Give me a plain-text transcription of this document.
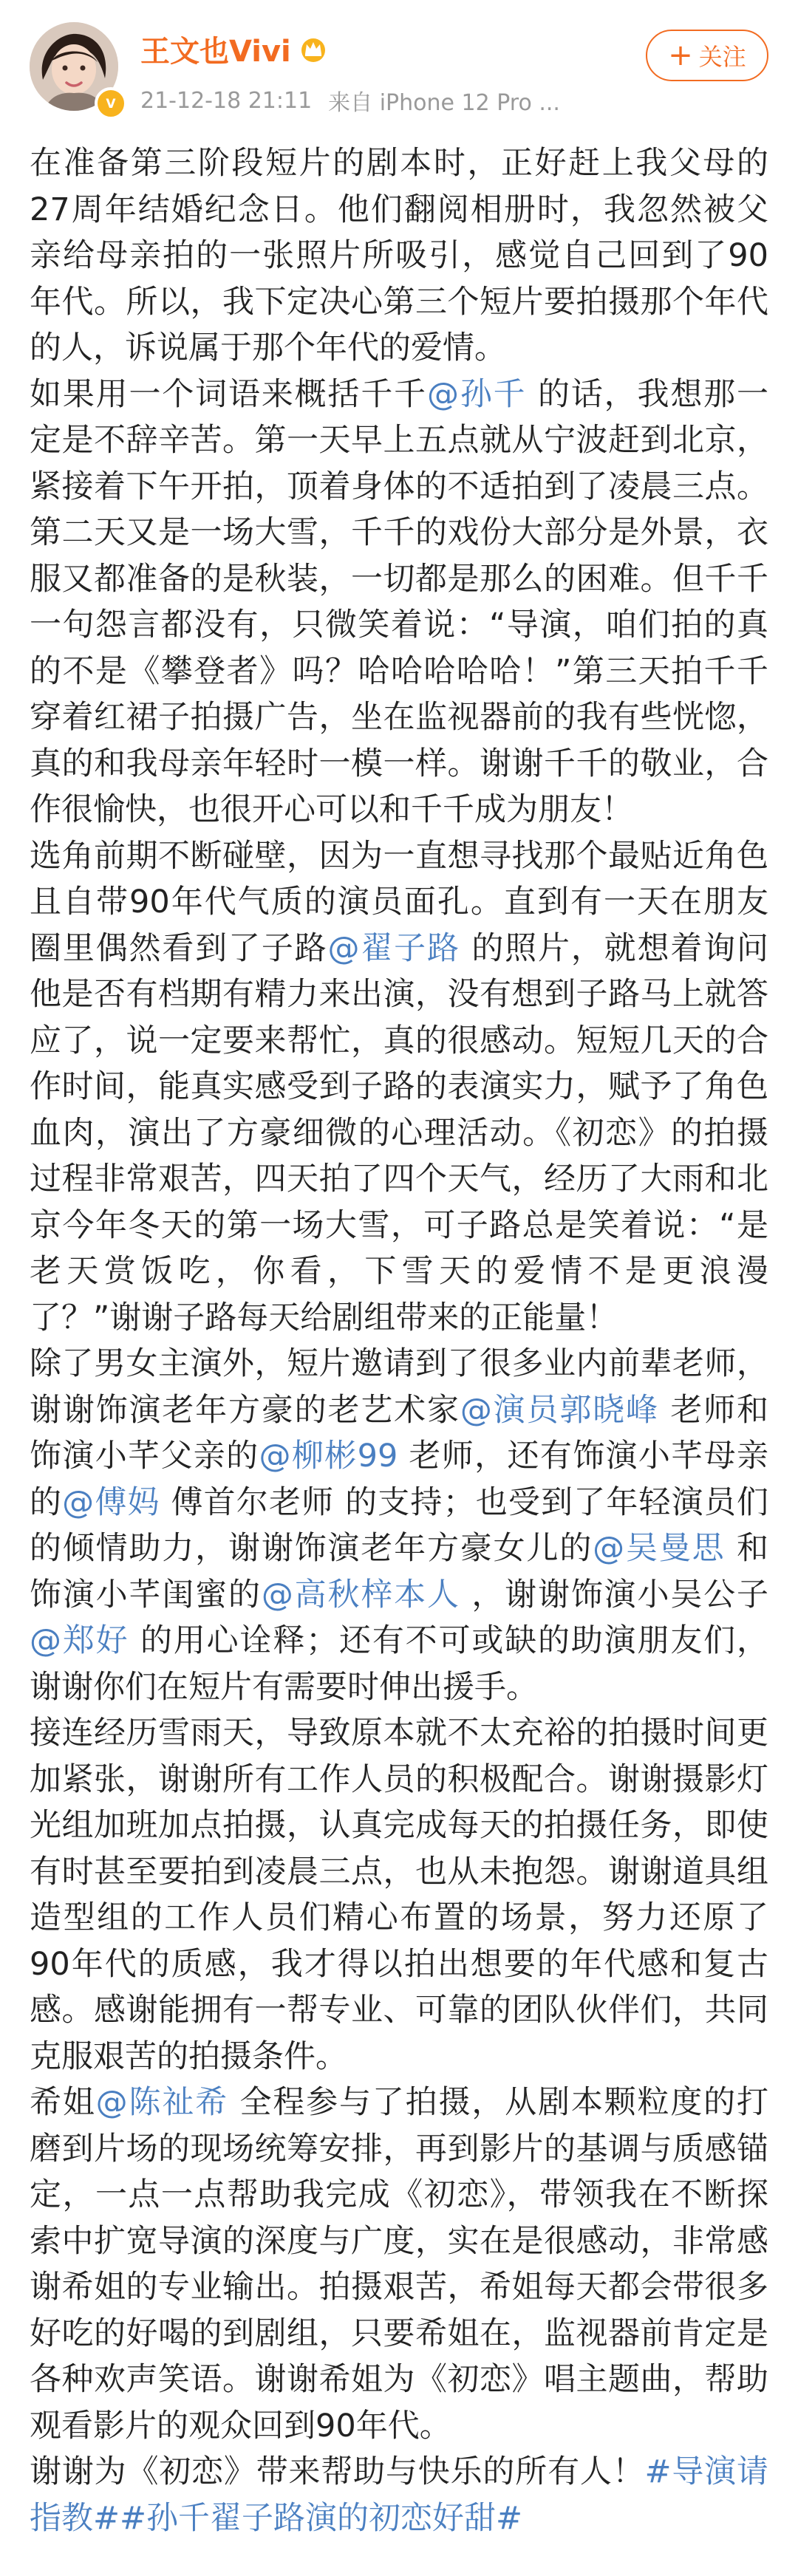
V
王文也Vivi
21-12-18 21:11 来自 iPhone 12 Pro ...
+ 关注

在准备第三阶段短片的剧本时，正好赶上我父母的27周年结婚纪念日。他们翻阅相册时，我忽然被父亲给母亲拍的一张照片所吸引，感觉自己回到了90年代。所以，我下定决心第三个短片要拍摄那个年代的人，诉说属于那个年代的爱情。

如果用一个词语来概括千千@孙千 的话，我想那一定是不辞辛苦。第一天早上五点就从宁波赶到北京，紧接着下午开拍，顶着身体的不适拍到了凌晨三点。第二天又是一场大雪，千千的戏份大部分是外景，衣服又都准备的是秋装，一切都是那么的困难。但千千一句怨言都没有，只微笑着说：“导演，咱们拍的真的不是《攀登者》吗？哈哈哈哈哈！”第三天拍千千穿着红裙子拍摄广告，坐在监视器前的我有些恍惚，真的和我母亲年轻时一模一样。谢谢千千的敬业，合作很愉快，也很开心可以和千千成为朋友！

选角前期不断碰壁，因为一直想寻找那个最贴近角色且自带90年代气质的演员面孔。直到有一天在朋友圈里偶然看到了子路@翟子路 的照片，就想着询问他是否有档期有精力来出演，没有想到子路马上就答应了，说一定要来帮忙，真的很感动。短短几天的合作时间，能真实感受到子路的表演实力，赋予了角色血肉，演出了方豪细微的心理活动。《初恋》的拍摄过程非常艰苦，四天拍了四个天气，经历了大雨和北京今年冬天的第一场大雪，可子路总是笑着说：“是老天赏饭吃，你看，下雪天的爱情不是更浪漫了？”谢谢子路每天给剧组带来的正能量！

除了男女主演外，短片邀请到了很多业内前辈老师，谢谢饰演老年方豪的老艺术家@演员郭晓峰 老师和饰演小芊父亲的@柳彬99 老师，还有饰演小芊母亲的@傅妈 傅首尔老师 的支持；也受到了年轻演员们的倾情助力，谢谢饰演老年方豪女儿的@吴曼思 和饰演小芊闺蜜的@高秋梓本人 ，谢谢饰演小吴公子@郑好 的用心诠释；还有不可或缺的助演朋友们，谢谢你们在短片有需要时伸出援手。

接连经历雪雨天，导致原本就不太充裕的拍摄时间更加紧张，谢谢所有工作人员的积极配合。谢谢摄影灯光组加班加点拍摄，认真完成每天的拍摄任务，即使有时甚至要拍到凌晨三点，也从未抱怨。谢谢道具组造型组的工作人员们精心布置的场景，努力还原了90年代的质感，我才得以拍出想要的年代感和复古感。感谢能拥有一帮专业、可靠的团队伙伴们，共同克服艰苦的拍摄条件。

希姐@陈祉希 全程参与了拍摄，从剧本颗粒度的打磨到片场的现场统筹安排，再到影片的基调与质感锚定，一点一点帮助我完成《初恋》，带领我在不断探索中扩宽导演的深度与广度，实在是很感动，非常感谢希姐的专业输出。拍摄艰苦，希姐每天都会带很多好吃的好喝的到剧组，只要希姐在，监视器前肯定是各种欢声笑语。谢谢希姐为《初恋》唱主题曲，帮助观看影片的观众回到90年代。

谢谢为《初恋》带来帮助与快乐的所有人！#导演请指教##孙千翟子路演的初恋好甜#
